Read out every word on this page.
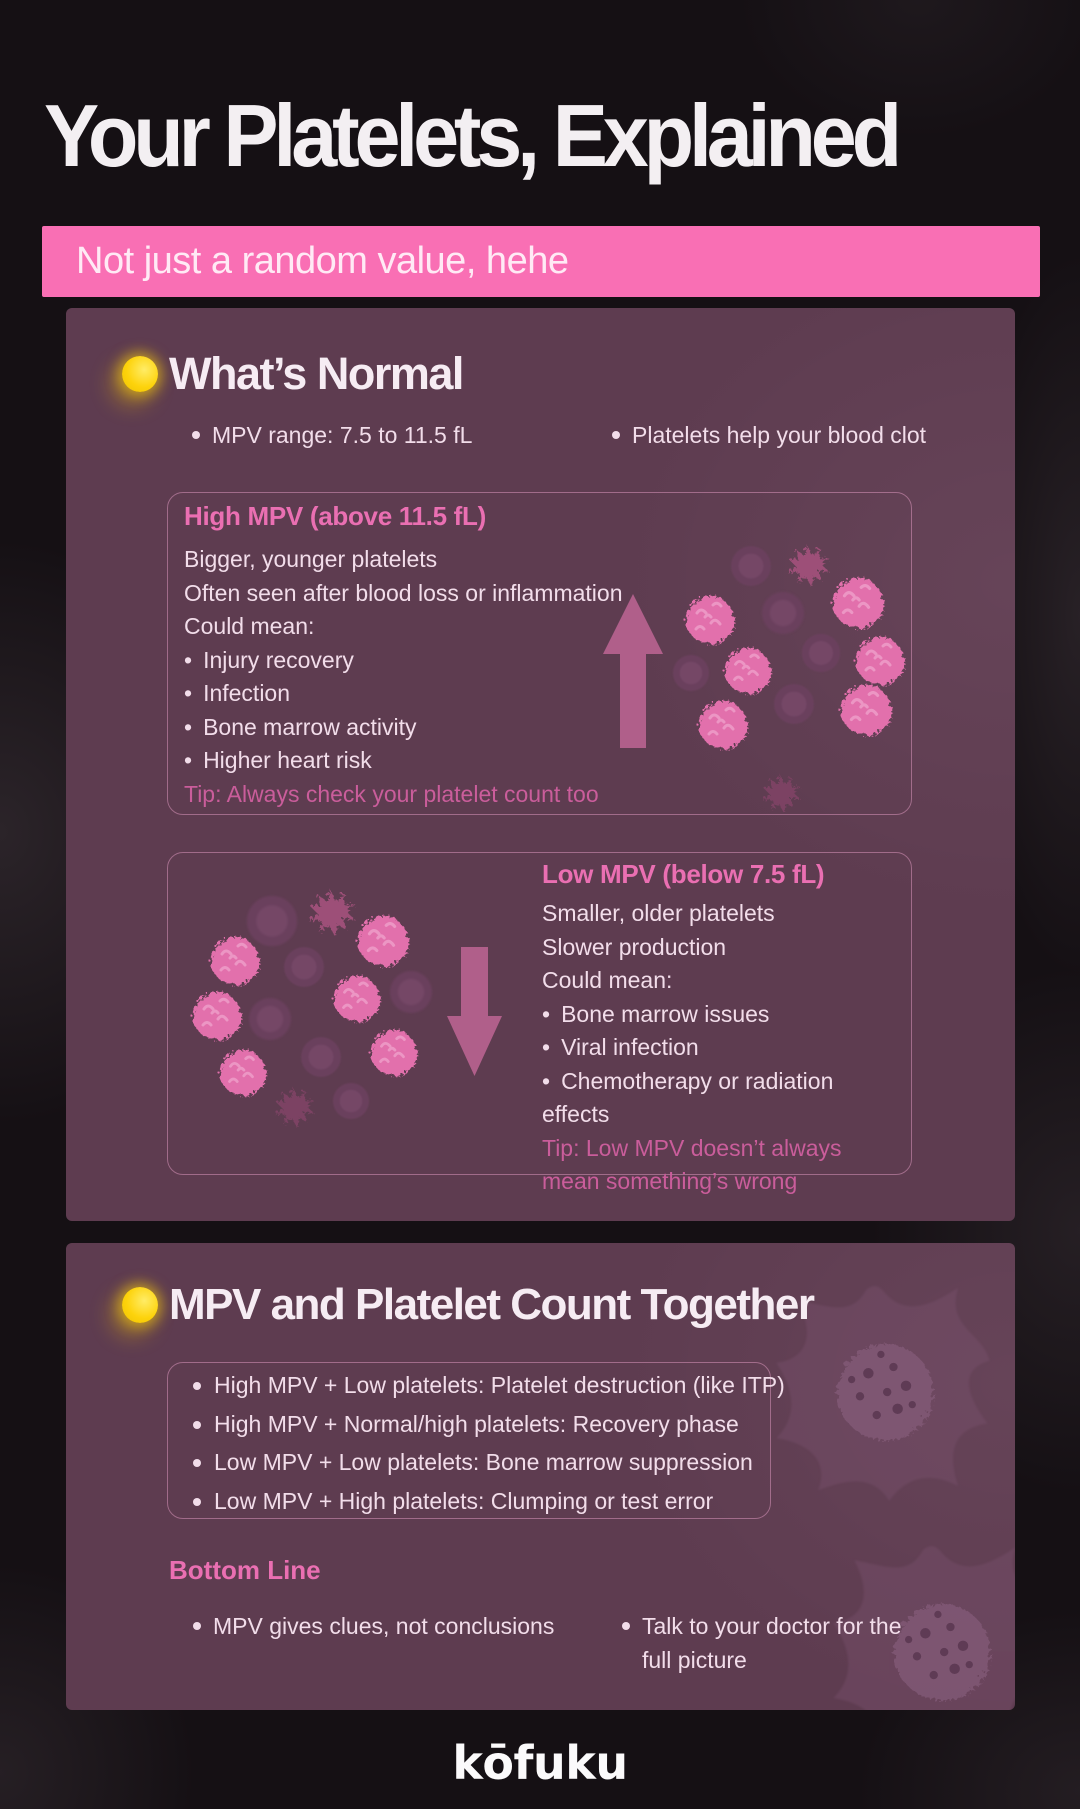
Your Platelets, Explained
Not just a random value, hehe
What’s Normal
MPV range: 7.5 to 11.5 fL	Platelets help your blood clot
High MPV (above 11.5 fL)
Bigger, younger platelets
Often seen after blood loss or inflammation
Could mean:
• Injury recovery
• Infection
• Bone marrow activity
• Higher heart risk
Tip: Always check your platelet count too
Low MPV (below 7.5 fL)
Smaller, older platelets
Slower production
Could mean:
• Bone marrow issues
• Viral infection
• Chemotherapy or radiation effects
Tip: Low MPV doesn’t always mean something’s wrong
MPV and Platelet Count Together
High MPV + Low platelets: Platelet destruction (like ITP)
High MPV + Normal/high platelets: Recovery phase
Low MPV + Low platelets: Bone marrow suppression
Low MPV + High platelets: Clumping or test error
Bottom Line
MPV gives clues, not conclusions	Talk to your doctor for the full picture
kōfuku
